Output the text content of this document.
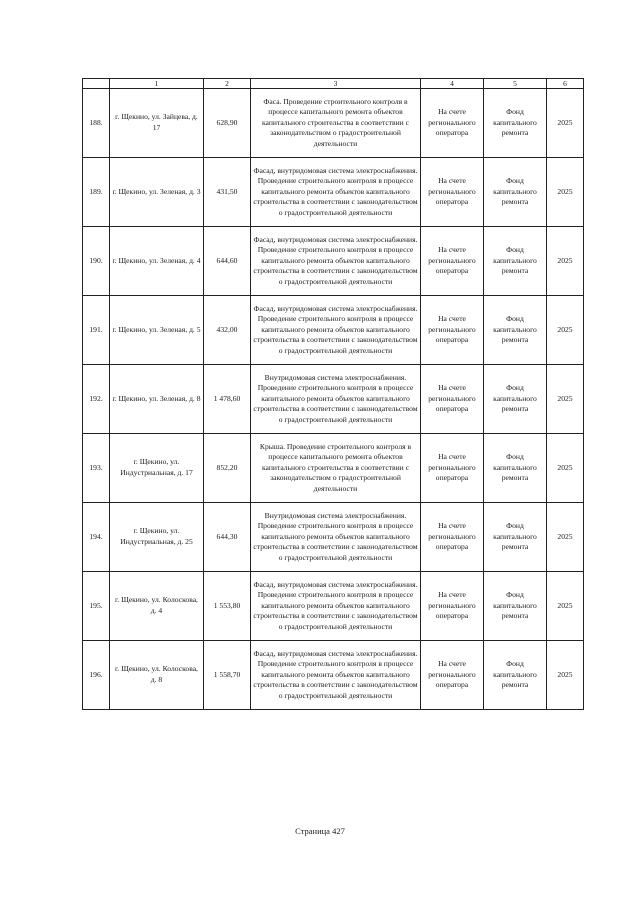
	1	2	3	4	5	6
188.	г. Щекино, ул. Зайцева, д. 17	628,90	Фаса. Проведение строительного контроля в процессе капитального ремонта объектов капитального строительства в соответствии с законодательством о градостроительной деятельности	На счете регионального оператора	Фонд капитального ремонта	2025
189.	г. Щекино, ул. Зеленая, д. 3	431,50	Фасад, внутридомовая система электроснабжения. Проведение строительного контроля в процессе капитального ремонта объектов капитального строительства в соответствии с законодательством о градостроительной деятельности	На счете регионального оператора	Фонд капитального ремонта	2025
190.	г. Щекино, ул. Зеленая, д. 4	644,60	Фасад, внутридомовая система электроснабжения. Проведение строительного контроля в процессе капитального ремонта объектов капитального строительства в соответствии с законодательством о градостроительной деятельности	На счете регионального оператора	Фонд капитального ремонта	2025
191.	г. Щекино, ул. Зеленая, д. 5	432,00	Фасад, внутридомовая система электроснабжения. Проведение строительного контроля в процессе капитального ремонта объектов капитального строительства в соответствии с законодательством о градостроительной деятельности	На счете регионального оператора	Фонд капитального ремонта	2025
192.	г. Щекино, ул. Зеленая, д. 8	1 478,60	Внутридомовая система электроснабжения. Проведение строительного контроля в процессе капитального ремонта объектов капитального строительства в соответствии с законодательством о градостроительной деятельности	На счете регионального оператора	Фонд капитального ремонта	2025
193.	г. Щекино, ул. Индустриальная, д. 17	852,20	Крыша. Проведение строительного контроля в процессе капитального ремонта объектов капитального строительства в соответствии с законодательством о градостроительной деятельности	На счете регионального оператора	Фонд капитального ремонта	2025
194.	г. Щекино, ул. Индустриальная, д. 25	644,30	Внутридомовая система электроснабжения. Проведение строительного контроля в процессе капитального ремонта объектов капитального строительства в соответствии с законодательством о градостроительной деятельности	На счете регионального оператора	Фонд капитального ремонта	2025
195.	г. Щекино, ул. Колоскова, д. 4	1 553,80	Фасад, внутридомовая система электроснабжения. Проведение строительного контроля в процессе капитального ремонта объектов капитального строительства в соответствии с законодательством о градостроительной деятельности	На счете регионального оператора	Фонд капитального ремонта	2025
196.	г. Щекино, ул. Колоскова, д. 8	1 558,70	Фасад, внутридомовая система электроснабжения. Проведение строительного контроля в процессе капитального ремонта объектов капитального строительства в соответствии с законодательством о градостроительной деятельности	На счете регионального оператора	Фонд капитального ремонта	2025
Страница 427
